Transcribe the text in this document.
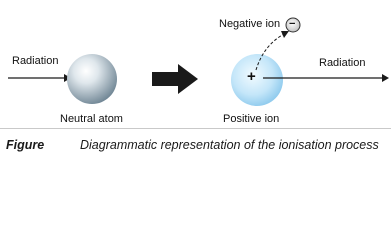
Radiation	Radiation
Negative ion −
+
Neutral atom	Positive ion
Figure	Diagrammatic representation of the ionisation process
